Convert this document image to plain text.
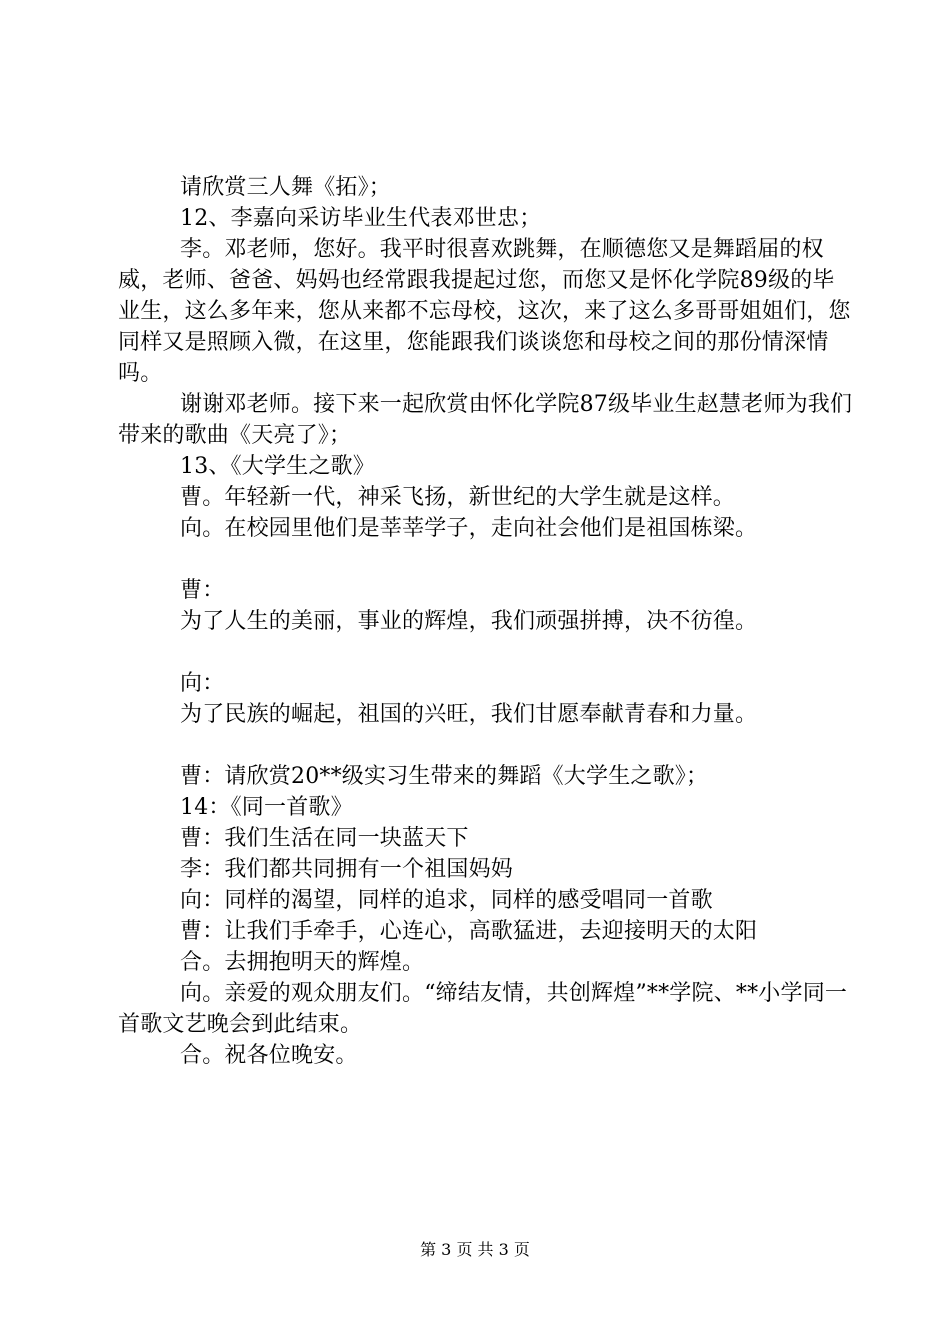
请欣赏三人舞《拓》；

12、李嘉向采访毕业生代表邓世忠；

李。邓老师，您好。我平时很喜欢跳舞，在顺德您又是舞蹈届的权威，老师、爸爸、妈妈也经常跟我提起过您，而您又是怀化学院89级的毕业生，这么多年来，您从来都不忘母校，这次，来了这么多哥哥姐姐们，您同样又是照顾入微，在这里，您能跟我们谈谈您和母校之间的那份情深情吗。

谢谢邓老师。接下来一起欣赏由怀化学院87级毕业生赵慧老师为我们带来的歌曲《天亮了》；

13、《大学生之歌》

曹。年轻新一代，神采飞扬，新世纪的大学生就是这样。

向。在校园里他们是莘莘学子，走向社会他们是祖国栋梁。

曹：

为了人生的美丽，事业的辉煌，我们顽强拼搏，决不彷徨。

向：

为了民族的崛起，祖国的兴旺，我们甘愿奉献青春和力量。

曹：请欣赏20**级实习生带来的舞蹈《大学生之歌》；

14：《同一首歌》

曹：我们生活在同一块蓝天下

李：我们都共同拥有一个祖国妈妈

向：同样的渴望，同样的追求，同样的感受唱同一首歌

曹：让我们手牵手，心连心，高歌猛进，去迎接明天的太阳

合。去拥抱明天的辉煌。

向。亲爱的观众朋友们。“缔结友情，共创辉煌”**学院、**小学同一首歌文艺晚会到此结束。

合。祝各位晚安。

第 3 页 共 3 页
